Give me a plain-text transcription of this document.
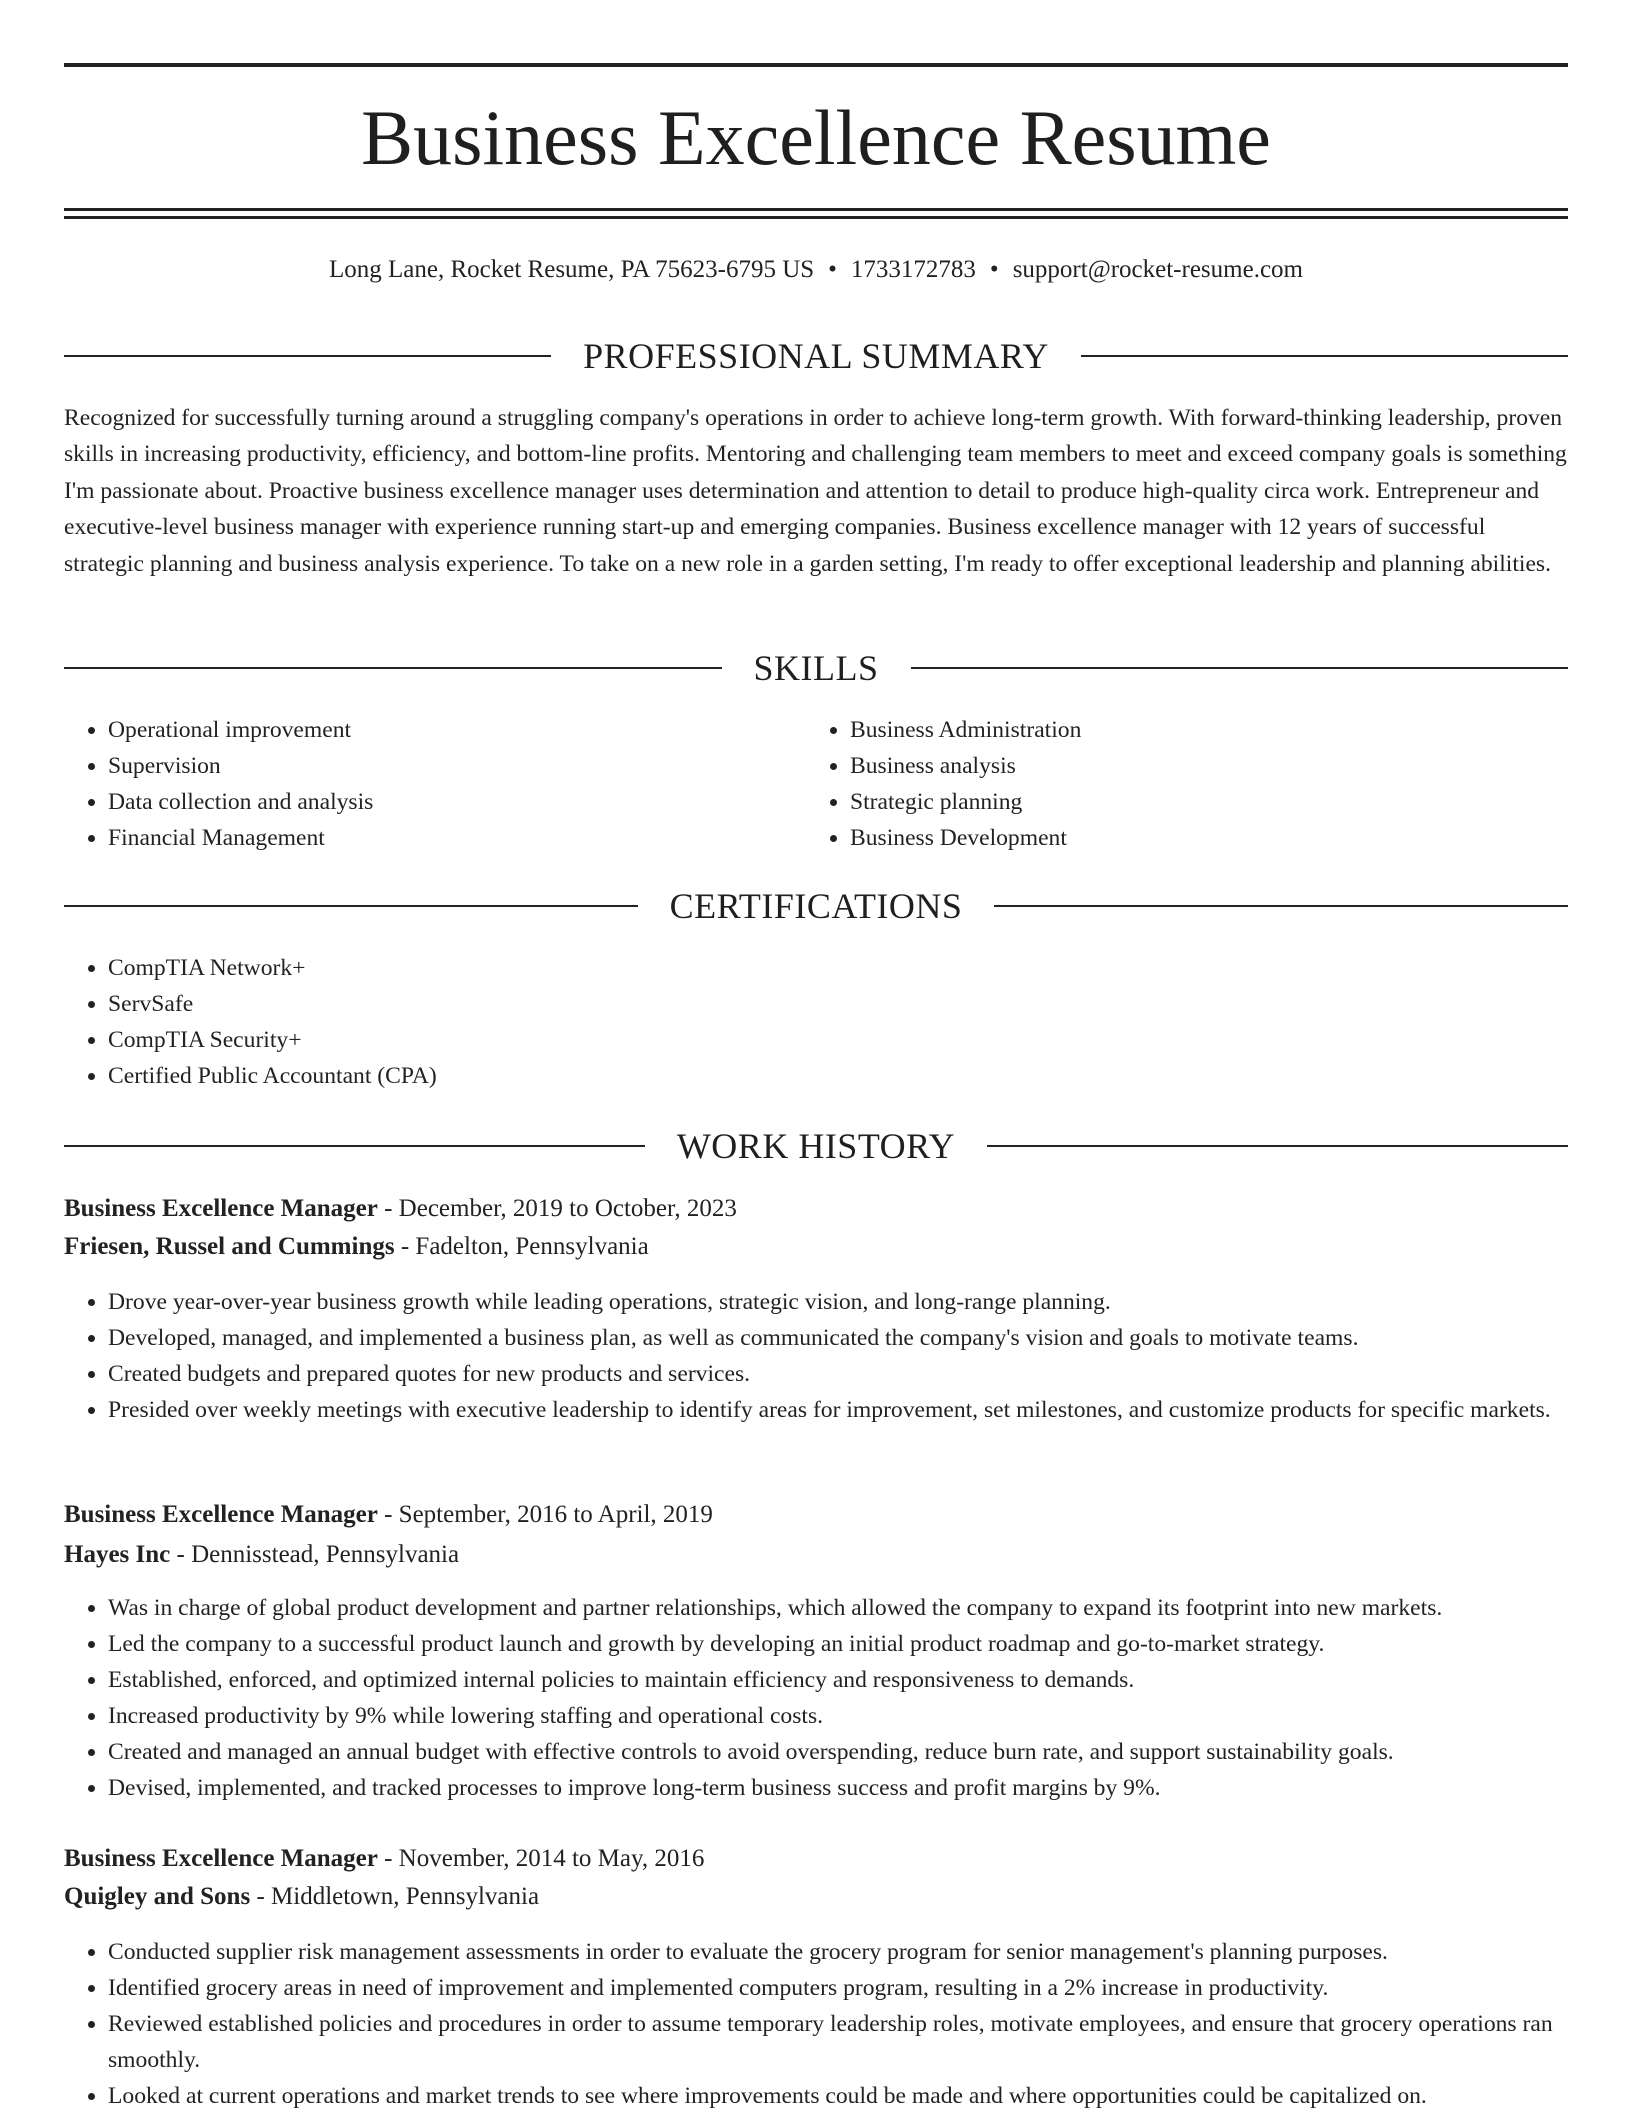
Business Excellence Resume
Long Lane, Rocket Resume, PA 75623-6795 US • 1733172783 • support@rocket-resume.com
PROFESSIONAL SUMMARY

Recognized for successfully turning around a struggling company's operations in order to achieve long-term growth. With forward-thinking leadership, proven skills in increasing productivity, efficiency, and bottom-line profits. Mentoring and challenging team members to meet and exceed company goals is something I'm passionate about. Proactive business excellence manager uses determination and attention to detail to produce high-quality circa work. Entrepreneur and executive-level business manager with experience running start-up and emerging companies. Business excellence manager with 12 years of successful strategic planning and business analysis experience. To take on a new role in a garden setting, I'm ready to offer exceptional leadership and planning abilities.

SKILLS
• Operational improvement
• Supervision
• Data collection and analysis
• Financial Management
• Business Administration
• Business analysis
• Strategic planning
• Business Development
CERTIFICATIONS
• CompTIA Network+
• ServSafe
• CompTIA Security+
• Certified Public Accountant (CPA)
WORK HISTORY
Business Excellence Manager - December, 2019 to October, 2023
Friesen, Russel and Cummings - Fadelton, Pennsylvania
• Drove year-over-year business growth while leading operations, strategic vision, and long-range planning.
• Developed, managed, and implemented a business plan, as well as communicated the company's vision and goals to motivate teams.
• Created budgets and prepared quotes for new products and services.
• Presided over weekly meetings with executive leadership to identify areas for improvement, set milestones, and customize products for specific markets.
Business Excellence Manager - September, 2016 to April, 2019
Hayes Inc - Dennisstead, Pennsylvania
• Was in charge of global product development and partner relationships, which allowed the company to expand its footprint into new markets.
• Led the company to a successful product launch and growth by developing an initial product roadmap and go-to-market strategy.
• Established, enforced, and optimized internal policies to maintain efficiency and responsiveness to demands.
• Increased productivity by 9% while lowering staffing and operational costs.
• Created and managed an annual budget with effective controls to avoid overspending, reduce burn rate, and support sustainability goals.
• Devised, implemented, and tracked processes to improve long-term business success and profit margins by 9%.
Business Excellence Manager - November, 2014 to May, 2016
Quigley and Sons - Middletown, Pennsylvania
• Conducted supplier risk management assessments in order to evaluate the grocery program for senior management's planning purposes.
• Identified grocery areas in need of improvement and implemented computers program, resulting in a 2% increase in productivity.
• Reviewed established policies and procedures in order to assume temporary leadership roles, motivate employees, and ensure that grocery operations ran smoothly.
• Looked at current operations and market trends to see where improvements could be made and where opportunities could be capitalized on.
